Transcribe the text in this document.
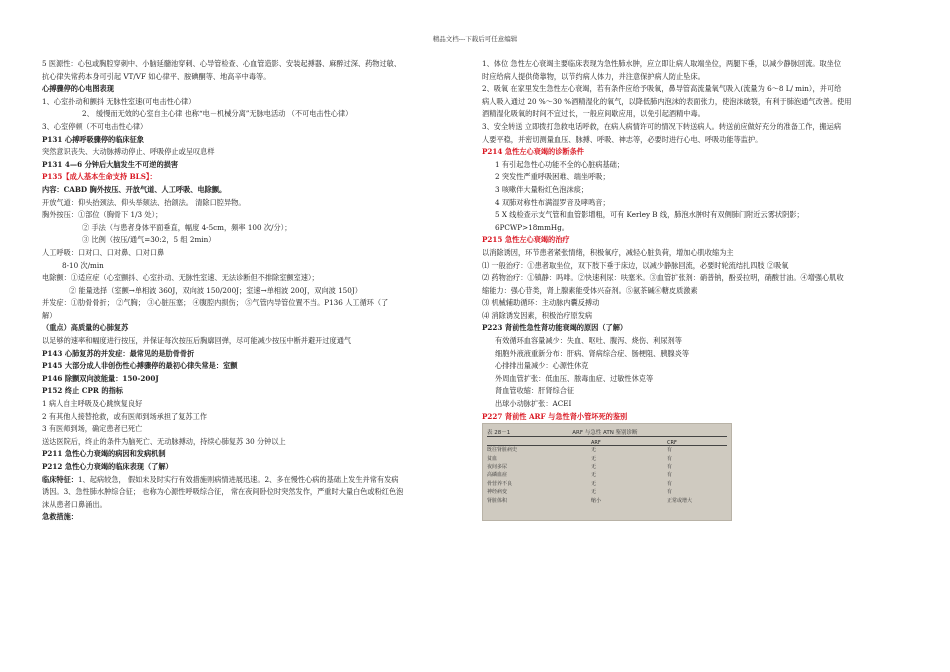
精品文档---下载后可任意编辑
5 医源性：心包或胸腔穿刺中、小脑延髓池穿刺、心导管检查、心血管造影、安装起搏器、麻醉过深、药物过敏、
抗心律失常药本身可引起 VT/VF 如心律平、胺碘酮等、地高辛中毒等。
心搏骤停的心电图表现
1、心室扑动和颤抖 无脉性室速(可电击性心律）
2、 缓慢而无效的心室自主心律 也称“电－机械分离”无脉电活动 （不可电击性心律）
3、心室停顿（不可电击性心律）
P131 心搏呼吸骤停的临床征象
突然意识丧失、大动脉搏动停止、呼吸停止或呈叹息样
P131 4—6 分钟后大脑发生不可逆的损害
P135【成人基本生命支持 BLS】：
内容：CABD 胸外按压、开放气道、人工呼吸、电除颤。
开放气道：仰头抬颈法、仰头举颏法、抬颌法。 清除口腔异物。
胸外按压：①部位（胸骨下 1/3 处）；
② 手法（与患者身体平面垂直，幅度 4-5cm，频率 100 次/分）；
③ 比例（按压/通气=30:2，5 组 2min）
人工呼吸：口对口、口对鼻、口对口鼻
8-10 次/min
电除颤：①适应症（心室颤抖、心室扑动、无脉性室速、无法诊断但不排除室颤室速）；
② 能量选择（室颤→单相波 360J，双向波 150/200J；室速→单相波 200J，双向波 150J）
并发症：①肋骨骨折； ②气胸； ③心脏压塞； ④腹腔内损伤； ⑤气管内导管位置不当。P136 人工循环（了
解）
（重点）高质量的心肺复苏
以足够的速率和幅度进行按压，并保证每次按压后胸廓回弹，尽可能减少按压中断并避开过度通气
P143 心肺复苏的并发症：最常见的是肋骨骨折
P145 大部分成人非创伤性心搏骤停的最初心律失常是：室颤
P146 除颤双向波能量：150-200J
P152 终止 CPR 的指标
1 病人自主呼吸及心跳恢复良好
2 有其他人接替抢救，或有医师到场承担了复苏工作
3 有医师到场，确定患者已死亡
送达医院后，终止的条件为脑死亡、无动脉搏动，持续心肺复苏 30 分钟以上
P211 急性心力衰竭的病因和发病机制
P212 急性心力衰竭的临床表现（了解）
临床特征：1、起病较急， 假如未及时实行有效措施则病情进展迅速。2、多在慢性心病的基础上发生并常有发病
诱因。3、急性肺水肿综合征； 也称为心源性呼吸综合征， 常在夜间卧位时突然发作，严重时大量白色或粉红色泡
沫从患者口鼻涌出。
急救措施：
1、体位 急性左心衰竭主要临床表现为急性肺水肿，应立即让病人取端坐位，两腿下垂，以减少静脉回流。取坐位
时应给病人提供倚靠物，以节约病人体力，并注意保护病人防止坠床。
2、吸氧 在家里发生急性左心衰竭，若有条件应给予吸氧，鼻导管高流量氧气吸入(流量为 6～8 L/ min），并可给
病人吸入通过 20 %～30 %酒精湿化的氧气，以降低肺内泡沫的表面张力，使泡沫破裂，有利于肺泡通气改善。使用
酒精湿化吸氧的时间不宜过长，一般应间歇应用，以免引起酒精中毒。
3、安全转送 立即拨打急救电话呼救，在病人病情许可的情况下转送病人。转送前应做好充分的准备工作，搬运病
人要平稳，并密切测量血压、脉搏、呼吸、神志等，必要时进行心电、呼吸功能等监护。
P214 急性左心衰竭的诊断条件
1 有引起急性心功能不全的心脏病基础；
2 突发性严重呼吸困难、端坐呼吸；
3 咳嗽伴大量粉红色泡沫痰；
4 双肺对称性布满湿罗音及哮鸣音；
5 X 线检查示支气管和血管影增粗，可有 Kerley B 线，肺泡水肿时有双侧肺门附近云雾状阴影；
6PCWP>18mmHg。
P215 急性左心衰竭的治疗
以消除诱因，环节患者紧张情绪，积极氧疗，减轻心脏负荷，增加心肌收缩为主
⑴ 一般治疗：①患者取坐位，双下肢下垂于床边，以减少静脉回流，必要时轮流结扎四肢 ②吸氧
⑵ 药物治疗：①镇静：吗啡。②快速利尿：呋塞米。③血管扩张剂：硝普钠，酚妥拉明，硝酸甘油。④增强心肌收
缩能力：强心苷类，肾上腺素能受体兴奋剂。⑤氨茶碱⑥糖皮质激素
⑶ 机械辅助循环：主动脉内囊反搏动
⑷ 消除诱发因素，积极治疗原发病
P223 肾前性急性肾功能衰竭的原因（了解）
有效循环血容量减少：失血、呕吐、腹泻、烧伤、利尿剂等
细胞外液液重新分布：肝病、肾病综合症、肠梗阻、胰腺炎等
心排排出量减少：心源性休克
外周血管扩张：低血压、脓毒血症、过敏性休克等
肾血管收缩：肝肾综合征
出球小动脉扩张：ACEI
P227 肾前性 ARF 与急性肾小管坏死的鉴别
表 28－1	ARF 与急性 ATN 鉴别诊断
ARF	CRF
既往肾脏病史	无	有
贫血	无	有
夜间多尿	无	有
高磷血症	无	有
骨营养不良	无	有
神经病变	无	有
肾脏体积	缩小	正常或增大
